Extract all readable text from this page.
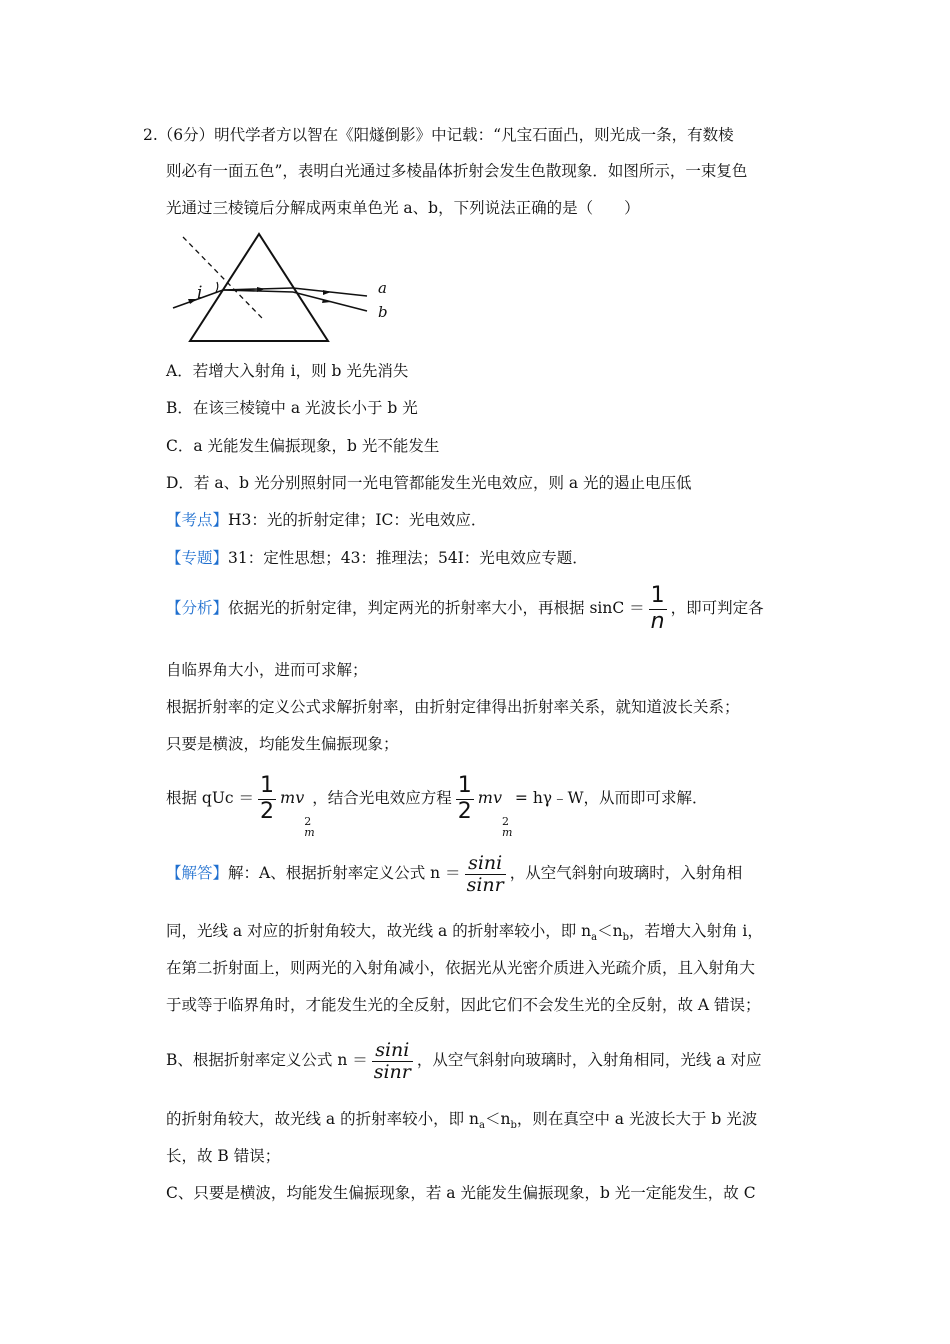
2.（6分）明代学者方以智在《阳燧倒影》中记载：“凡宝石面凸，则光成一条，有数棱
则必有一面五色”，表明白光通过多棱晶体折射会发生色散现象．如图所示，一束复色
光通过三棱镜后分解成两束单色光 a、b，下列说法正确的是（　　）
i	a
b
A．若增大入射角 i，则 b 光先消失
B．在该三棱镜中 a 光波长小于 b 光
C．a 光能发生偏振现象，b 光不能发生
D．若 a、b 光分别照射同一光电管都能发生光电效应，则 a 光的遏止电压低
【考点】H3：光的折射定律；IC：光电效应．
【专题】31：定性思想；43：推理法；54I：光电效应专题．
【分析】依据光的折射定律，判定两光的折射率大小，再根据 $\sin C = \frac{1}{n}$ ，即可判定各
自临界角大小，进而可求解；
根据折射率的定义公式求解折射率，由折射定律得出折射率关系，就知道波长关系；
只要是横波，均能发生偏振现象；
根据 qUc ＝ $\frac{1}{2}$ mv
2
m
，结合光电效应方程 $\frac{1}{2}$ mv
2
m
= hγ﹣W，从而即可求解．
【解答】解：A、根据折射率定义公式 $n = \frac{\sin i}{\sin r}$ ，从空气斜射向玻璃时，入射角相
同，光线 a 对应的折射角较大，故光线 a 的折射率较小，即 $n_a<n_b$，若增大入射角 i，
在第二折射面上，则两光的入射角减小，依据光从光密介质进入光疏介质，且入射角大
于或等于临界角时，才能发生光的全反射，因此它们不会发生光的全反射，故 A 错误；
B、根据折射率定义公式 $n = \frac{\sin i}{\sin r}$ ，从空气斜射向玻璃时，入射角相同，光线 a 对应
的折射角较大，故光线 a 的折射率较小，即 $n_a<n_b$，则在真空中 a 光波长大于 b 光波
长，故 B 错误；
C、只要是横波，均能发生偏振现象，若 a 光能发生偏振现象，b 光一定能发生，故 C
